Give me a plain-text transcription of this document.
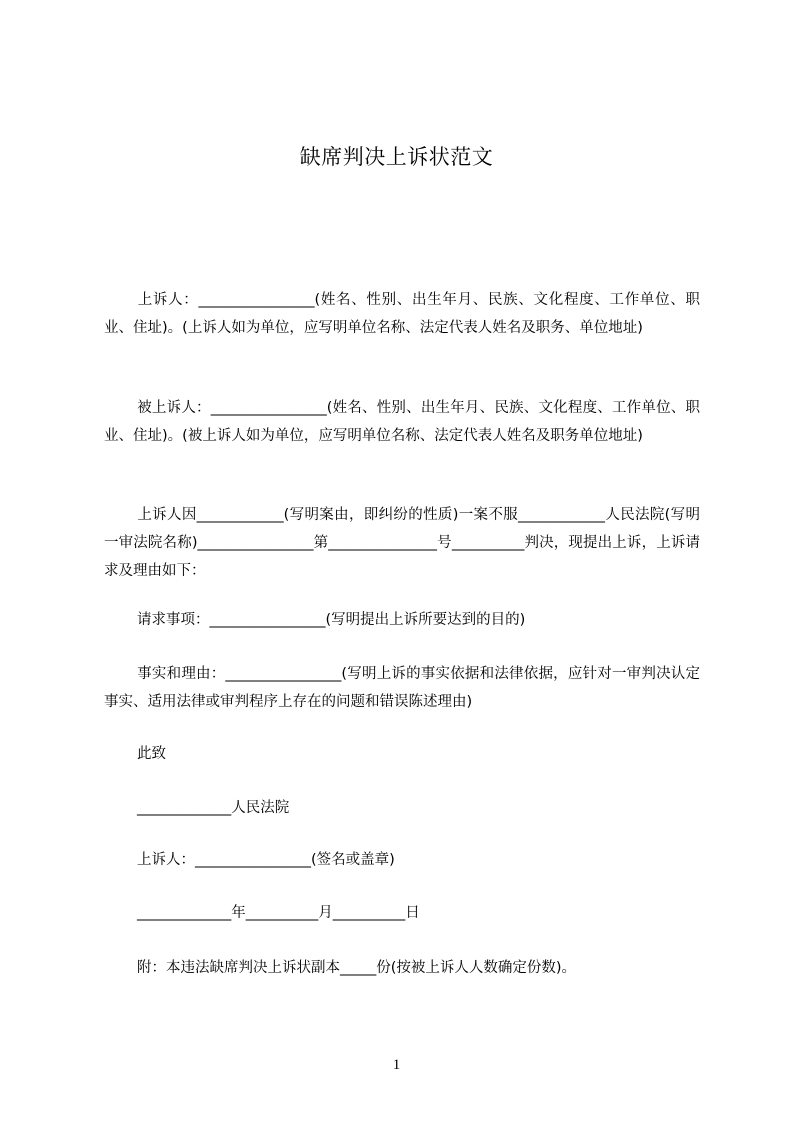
缺席判决上诉状范文
上诉人：________________(姓名、性别、出生年月、民族、文化程度、工作单位、职业、住址)。(上诉人如为单位，应写明单位名称、法定代表人姓名及职务、单位地址)
被上诉人：________________(姓名、性别、出生年月、民族、文化程度、工作单位、职业、住址)。(被上诉人如为单位，应写明单位名称、法定代表人姓名及职务单位地址)
上诉人因____________(写明案由，即纠纷的性质)一案不服____________人民法院(写明一审法院名称)________________第_______________号__________判决，现提出上诉，上诉请求及理由如下：
请求事项：________________(写明提出上诉所要达到的目的)
事实和理由：________________(写明上诉的事实依据和法律依据，应针对一审判决认定事实、适用法律或审判程序上存在的问题和错误陈述理由)
此致
_____________人民法院
上诉人：________________(签名或盖章)
_____________年__________月__________日
附：本违法缺席判决上诉状副本_____份(按被上诉人人数确定份数)。
1
